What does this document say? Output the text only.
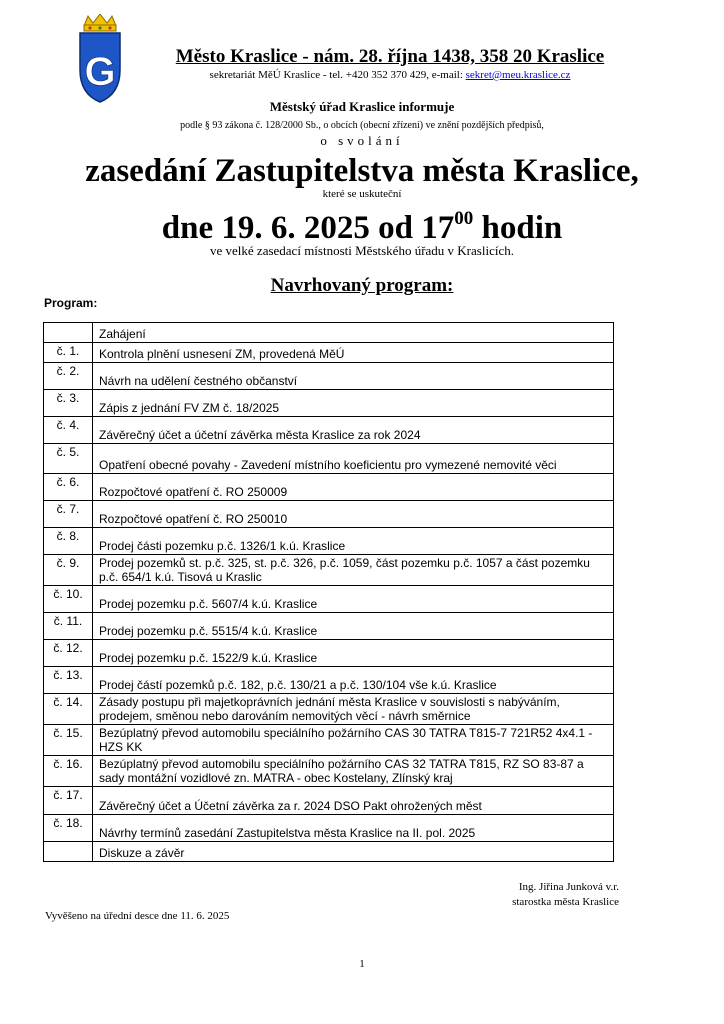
G	Město Kraslice - nám. 28. října 1438, 358 20 Kraslice
sekretariát MěÚ Kraslice - tel. +420 352 370 429, e-mail: sekret@meu.kraslice.cz
Městský úřad Kraslice informuje
podle § 93 zákona č. 128/2000 Sb., o obcích (obecní zřízení) ve znění pozdějších předpisů,
o svolání
zasedání Zastupitelstva města Kraslice,
které se uskuteční
dne 19. 6. 2025 od $17^{00}$ hodin
ve velké zasedací místnosti Městského úřadu v Kraslicích.
Navrhovaný program:
Program:
	Zahájení
č. 1.	Kontrola plnění usnesení ZM, provedená MěÚ
č. 2.	Návrh na udělení čestného občanství
č. 3.	Zápis z jednání FV ZM č. 18/2025
č. 4.	Závěrečný účet a účetní závěrka města Kraslice za rok 2024
č. 5.	Opatření obecné povahy - Zavedení místního koeficientu pro vymezené nemovité věci
č. 6.	Rozpočtové opatření č. RO 250009
č. 7.	Rozpočtové opatření č. RO 250010
č. 8.	Prodej části pozemku p.č. 1326/1 k.ú. Kraslice
č. 9.	Prodej pozemků st. p.č. 325, st. p.č. 326, p.č. 1059, část pozemku p.č. 1057 a část pozemku p.č. 654/1 k.ú. Tisová u Kraslic
č. 10.	Prodej pozemku p.č. 5607/4 k.ú. Kraslice
č. 11.	Prodej pozemku p.č. 5515/4 k.ú. Kraslice
č. 12.	Prodej pozemku p.č. 1522/9 k.ú. Kraslice
č. 13.	Prodej částí pozemků p.č. 182, p.č. 130/21 a p.č. 130/104 vše k.ú. Kraslice
č. 14.	Zásady postupu při majetkoprávních jednání města Kraslice v souvislosti s nabýváním, prodejem, směnou nebo darováním nemovitých věcí - návrh směrnice
č. 15.	Bezúplatný převod automobilu speciálního požárního CAS 30 TATRA T815-7 721R52 4x4.1 - HZS KK
č. 16.	Bezúplatný převod automobilu speciálního požárního CAS 32 TATRA T815, RZ SO 83-87 a sady montážní vozidlové zn. MATRA - obec Kostelany, Zlínský kraj
č. 17.	Závěrečný účet a Účetní závěrka za r. 2024 DSO Pakt ohrožených měst
č. 18.	Návrhy termínů zasedání Zastupitelstva města Kraslice na II. pol. 2025
	Diskuze a závěr
Ing. Jiřina Junková v.r.
starostka města Kraslice
Vyvěšeno na úřední desce dne 11. 6. 2025
1
